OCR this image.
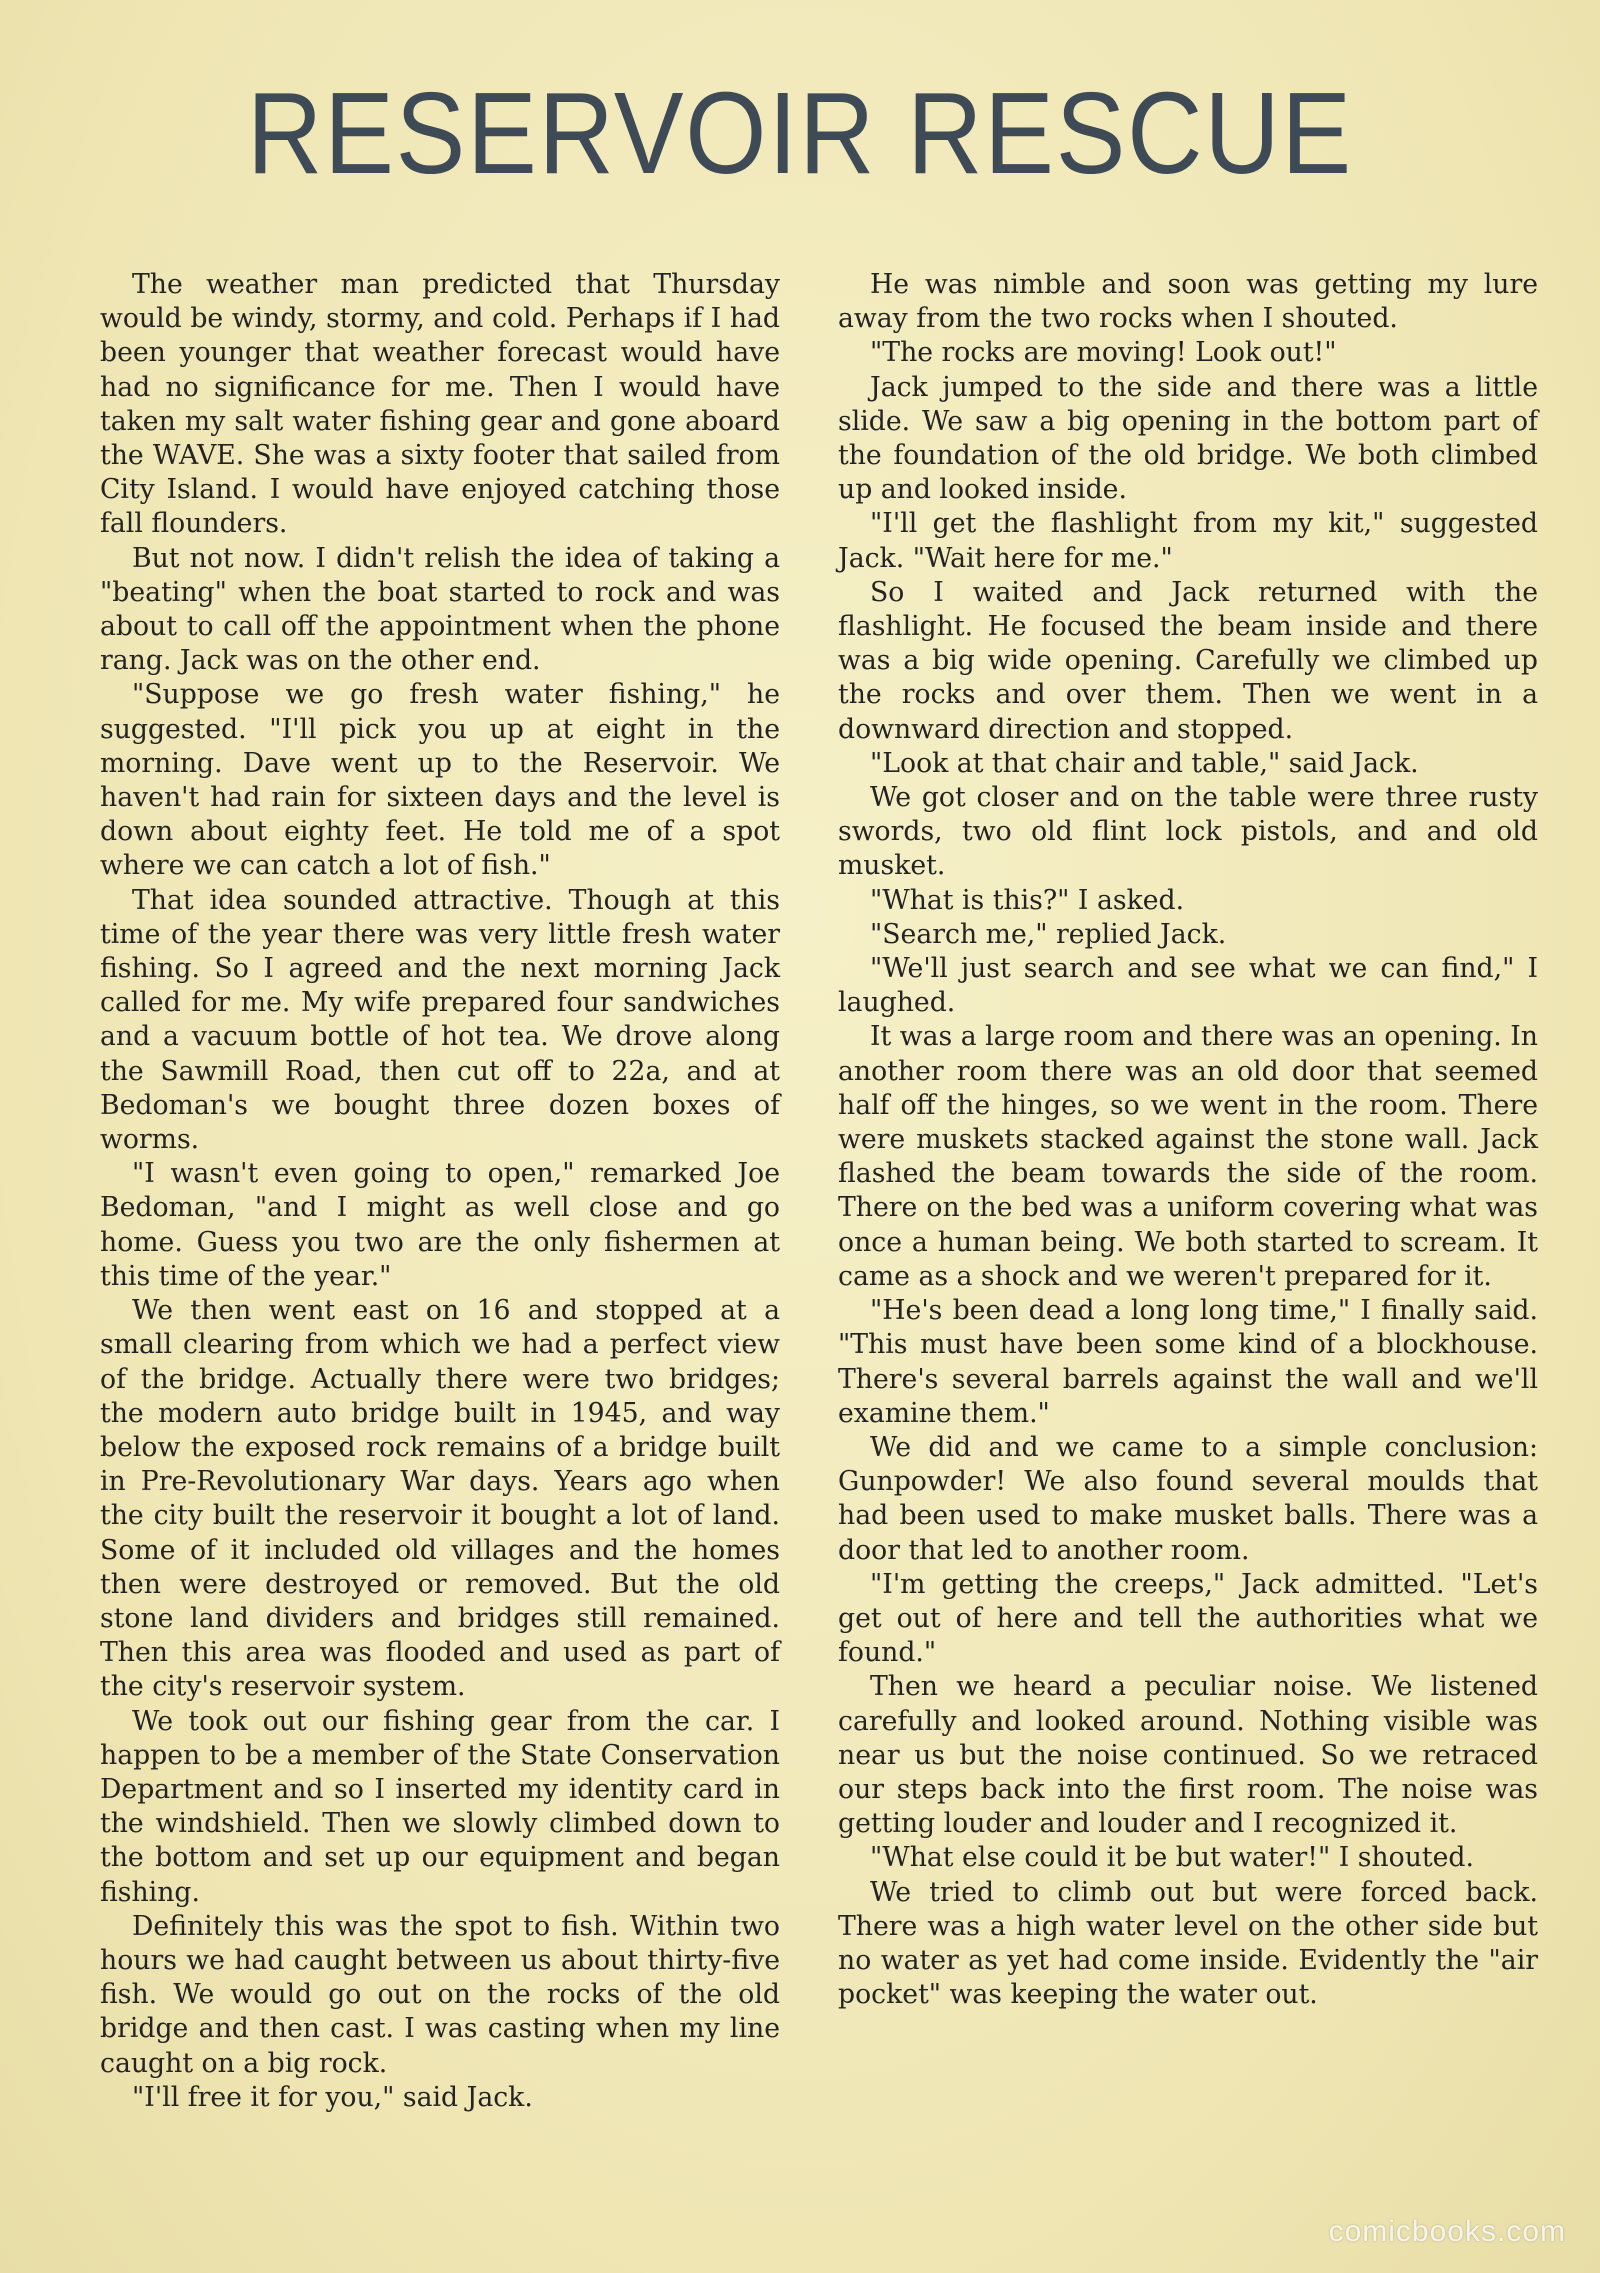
RESERVOIR RESCUE

The weather man predicted that Thursday would be windy, stormy, and cold. Perhaps if I had been younger that weather forecast would have had no significance for me. Then I would have taken my salt water fishing gear and gone aboard the WAVE. She was a sixty footer that sailed from City Island. I would have enjoyed catching those fall flounders.

But not now. I didn't relish the idea of taking a "beating" when the boat started to rock and was about to call off the appointment when the phone rang. Jack was on the other end.

"Suppose we go fresh water fishing," he suggested. "I'll pick you up at eight in the morning. Dave went up to the Reservoir. We haven't had rain for sixteen days and the level is down about eighty feet. He told me of a spot where we can catch a lot of fish."

That idea sounded attractive. Though at this time of the year there was very little fresh water fishing. So I agreed and the next morning Jack called for me. My wife prepared four sandwiches and a vacuum bottle of hot tea. We drove along the Sawmill Road, then cut off to 22a, and at Bedoman's we bought three dozen boxes of worms.

"I wasn't even going to open," remarked Joe Bedoman, "and I might as well close and go home. Guess you two are the only fishermen at this time of the year."

We then went east on 16 and stopped at a small clearing from which we had a perfect view of the bridge. Actually there were two bridges; the modern auto bridge built in 1945, and way below the exposed rock remains of a bridge built in Pre-Revolutionary War days. Years ago when the city built the reservoir it bought a lot of land. Some of it included old villages and the homes then were destroyed or removed. But the old stone land dividers and bridges still remained. Then this area was flooded and used as part of the city's reservoir system.

We took out our fishing gear from the car. I happen to be a member of the State Conservation Department and so I inserted my identity card in the windshield. Then we slowly climbed down to the bottom and set up our equipment and began fishing.

Definitely this was the spot to fish. Within two hours we had caught between us about thirty-five fish. We would go out on the rocks of the old bridge and then cast. I was casting when my line caught on a big rock.

"I'll free it for you," said Jack.

He was nimble and soon was getting my lure away from the two rocks when I shouted.

"The rocks are moving! Look out!"

Jack jumped to the side and there was a little slide. We saw a big opening in the bottom part of the foundation of the old bridge. We both climbed up and looked inside.

"I'll get the flashlight from my kit," suggested Jack. "Wait here for me."

So I waited and Jack returned with the flashlight. He focused the beam inside and there was a big wide opening. Carefully we climbed up the rocks and over them. Then we went in a downward direction and stopped.

"Look at that chair and table," said Jack.

We got closer and on the table were three rusty swords, two old flint lock pistols, and and old musket.

"What is this?" I asked.

"Search me," replied Jack.

"We'll just search and see what we can find," I laughed.

It was a large room and there was an opening. In another room there was an old door that seemed half off the hinges, so we went in the room. There were muskets stacked against the stone wall. Jack flashed the beam towards the side of the room. There on the bed was a uniform covering what was once a human being. We both started to scream. It came as a shock and we weren't prepared for it.

"He's been dead a long long time," I finally said. "This must have been some kind of a blockhouse. There's several barrels against the wall and we'll examine them."

We did and we came to a simple conclusion: Gunpowder! We also found several moulds that had been used to make musket balls. There was a door that led to another room.

"I'm getting the creeps," Jack admitted. "Let's get out of here and tell the authorities what we found."

Then we heard a peculiar noise. We listened carefully and looked around. Nothing visible was near us but the noise continued. So we retraced our steps back into the first room. The noise was getting louder and louder and I recognized it.

"What else could it be but water!" I shouted.

We tried to climb out but were forced back. There was a high water level on the other side but no water as yet had come inside. Evidently the "air pocket" was keeping the water out.

comicbooks.com
